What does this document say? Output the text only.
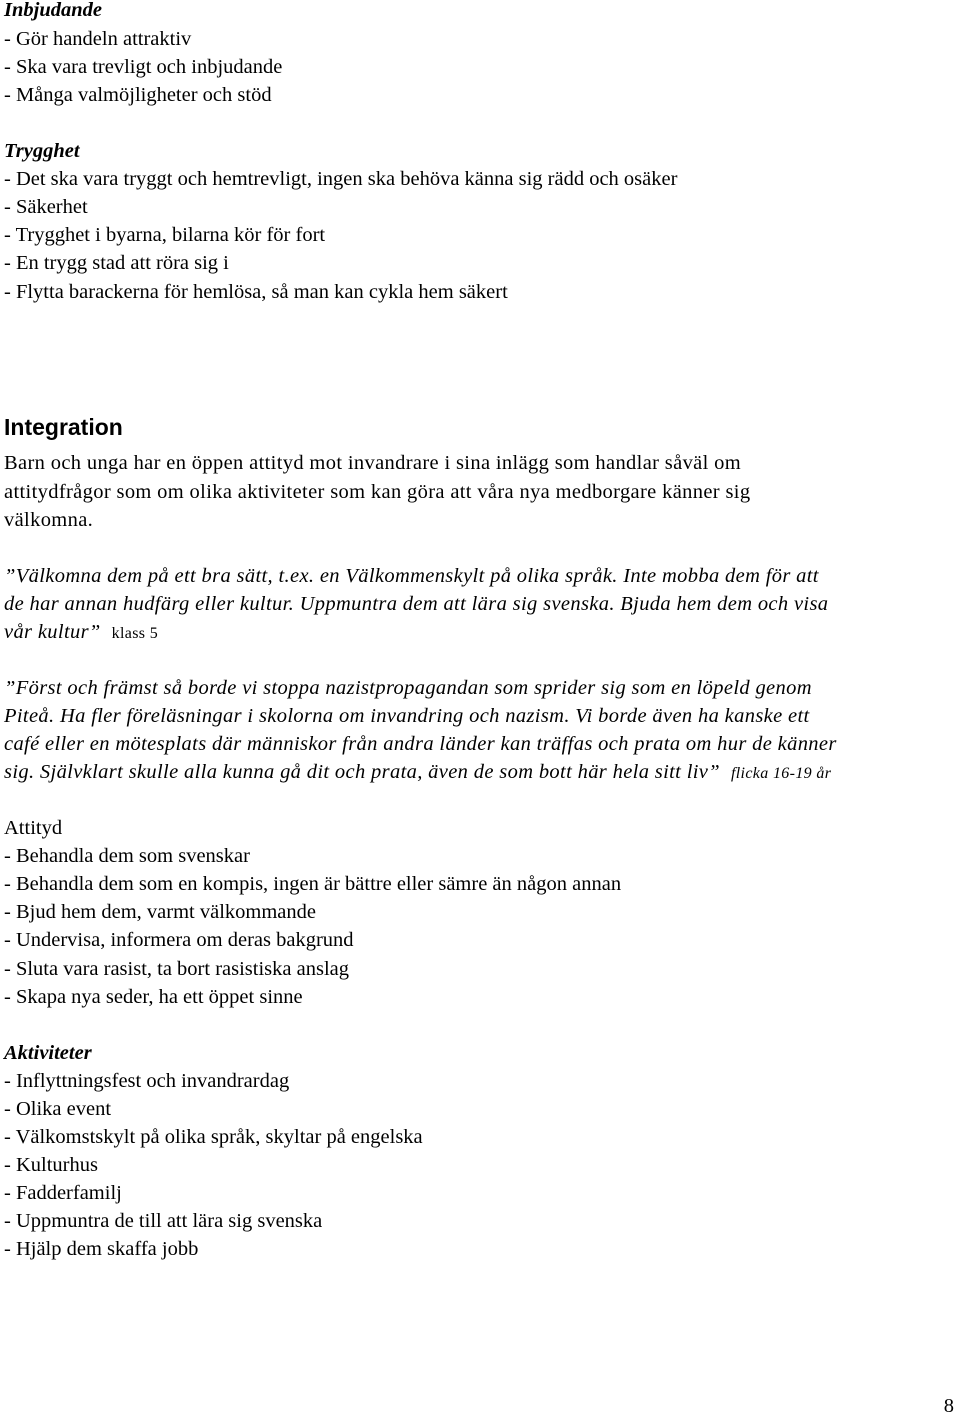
Inbjudande
- Gör handeln attraktiv
- Ska vara trevligt och inbjudande
- Många valmöjligheter och stöd
Trygghet
- Det ska vara tryggt och hemtrevligt, ingen ska behöva känna sig rädd och osäker
- Säkerhet
- Trygghet i byarna, bilarna kör för fort
- En trygg stad att röra sig i
- Flytta barackerna för hemlösa, så man kan cykla hem säkert
Integration
Barn och unga har en öppen attityd mot invandrare i sina inlägg som handlar såväl om
attitydfrågor som om olika aktiviteter som kan göra att våra nya medborgare känner sig
välkomna.
”Välkomna dem på ett bra sätt, t.ex. en Välkommenskylt på olika språk. Inte mobba dem för att
de har annan hudfärg eller kultur. Uppmuntra dem att lära sig svenska. Bjuda hem dem och visa
vår kultur” klass 5
”Först och främst så borde vi stoppa nazistpropagandan som sprider sig som en löpeld genom
Piteå. Ha fler föreläsningar i skolorna om invandring och nazism. Vi borde även ha kanske ett
café eller en mötesplats där människor från andra länder kan träffas och prata om hur de känner
sig. Självklart skulle alla kunna gå dit och prata, även de som bott här hela sitt liv” flicka 16-19 år
Attityd
- Behandla dem som svenskar
- Behandla dem som en kompis, ingen är bättre eller sämre än någon annan
- Bjud hem dem, varmt välkommande
- Undervisa, informera om deras bakgrund
- Sluta vara rasist, ta bort rasistiska anslag
- Skapa nya seder, ha ett öppet sinne
Aktiviteter
- Inflyttningsfest och invandrardag
- Olika event
- Välkomstskylt på olika språk, skyltar på engelska
- Kulturhus
- Fadderfamilj
- Uppmuntra de till att lära sig svenska
- Hjälp dem skaffa jobb
8
